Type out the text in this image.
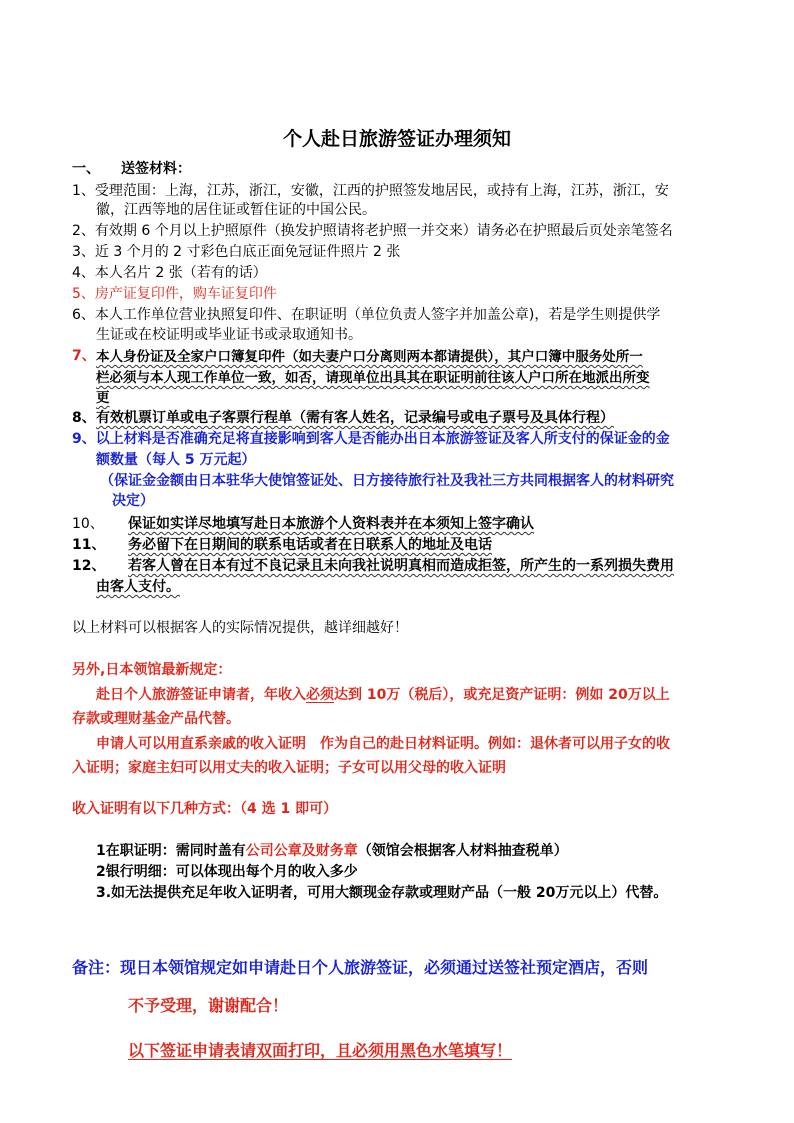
个人赴日旅游签证办理须知
一、　　送签材料：
1、受理范围：上海，江苏，浙江，安徽，江西的护照签发地居民，或持有上海，江苏，浙江，安
徽，江西等地的居住证或暂住证的中国公民。
2、有效期 6 个月以上护照原件（换发护照请将老护照一并交来）请务必在护照最后页处亲笔签名
3、近 3 个月的 2 寸彩色白底正面免冠证件照片 2 张
4、本人名片 2 张（若有的话）
5、房产证复印件，购车证复印件
6、本人工作单位营业执照复印件、在职证明（单位负责人签字并加盖公章)，若是学生则提供学
生证或在校证明或毕业证书或录取通知书。
7、 本人身份证及全家户口簿复印件（如夫妻户口分离则两本都请提供），其户口簿中服务处所一
栏必须与本人现工作单位一致，如否，请现单位出具其在职证明前往该人户口所在地派出所变
更
8、 有效机票订单或电子客票行程单（需有客人姓名，记录编号或电子票号及具体行程）
9、以上材料是否准确充足将直接影响到客人是否能办出日本旅游签证及客人所支付的保证金的金
额数量（每人 5 万元起）
（保证金金额由日本驻华大使馆签证处、日方接待旅行社及我社三方共同根据客人的材料研究
决定）
10、 保证如实详尽地填写赴日本旅游个人资料表并在本须知上签字确认
11、 务必留下在日期间的联系电话或者在日联系人的地址及电话
12、 若客人曾在日本有过不良记录且未向我社说明真相而造成拒签，所产生的一系列损失费用
由客人支付。
以上材料可以根据客人的实际情况提供，越详细越好！
另外,日本领馆最新规定：
赴日个人旅游签证申请者，年收入必须达到 10万（税后），或充足资产证明：例如 20万以上
存款或理财基金产品代替。
申请人可以用直系亲戚的收入证明　作为自己的赴日材料证明。例如：退休者可以用子女的收
入证明；家庭主妇可以用丈夫的收入证明；子女可以用父母的收入证明
收入证明有以下几种方式：（4 选 1 即可）
1在职证明：需同时盖有公司公章及财务章（领馆会根据客人材料抽查税单）
2银行明细：可以体现出每个月的收入多少
3.如无法提供充足年收入证明者，可用大额现金存款或理财产品（一般 20万元以上）代替。
备注：现日本领馆规定如申请赴日个人旅游签证，必须通过送签社预定酒店，否则
不予受理，谢谢配合！
以下签证申请表请双面打印，且必须用黑色水笔填写！
